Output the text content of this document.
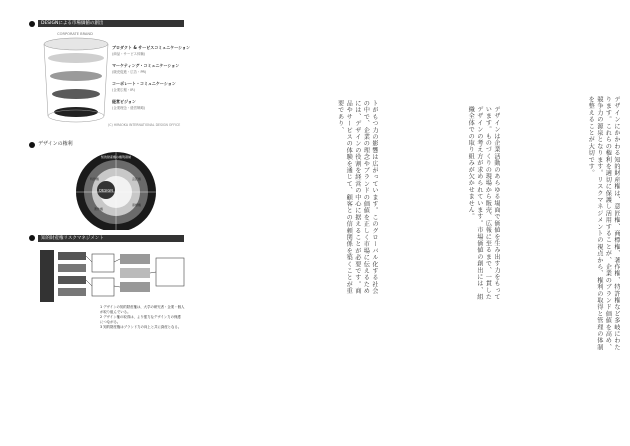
DESIGNによる市場価値の創出
CORPORATE BRAND
ブロダクト & サービスコミュニケーション
(商品・サービス体験)
マーケティング・コミュニケーション
(販売促進・広告・PR)
コーポレート・コミュニケーション
(企業広報・IR)
経営ビジョン
(企業理念・経営戦略)
(C) HIRAOKA INTERNATIONAL DESIGN OFFICE
デザインの権利
DESIGN
知的財産権の権利領域
意匠権
商標権
著作権
特許権
知的財産権リスクマネジメント
1 デザインの知的財産権は、大学の研究者・企業・個人
が取り組んでいる。
2 デザイン権の取得は、より強力なデザイン力の保護
につながる。
3 知的財産権はブランド力の向上と共に資産となる。
トがもつ力の影響は広がっています。このグローバル化する社会の中で、企業の理念やブランドの価値を正しく市場に伝えるためには、デザインの役割を経営の中心に据えることが必要です。商品やサービスの体験を通じて、顧客との信頼関係を築くことが重要であり、	デザインは企業活動のあらゆる場面で価値を生み出す力をもっています。ものづくりの現場から販売、広報に至るまで、一貫したデザインの考え方が求められています。市場価値の創出には、組織全体での取り組みが欠かせません。	デザインにかかわる知的財産権は、意匠権、商標権、著作権、特許権など多岐にわたります。これらの権利を適切に保護し活用することが、企業のブランド価値を高め、競争力の源泉となります。リスクマネジメントの視点から、権利の取得と管理の体制を整えることが大切です。
